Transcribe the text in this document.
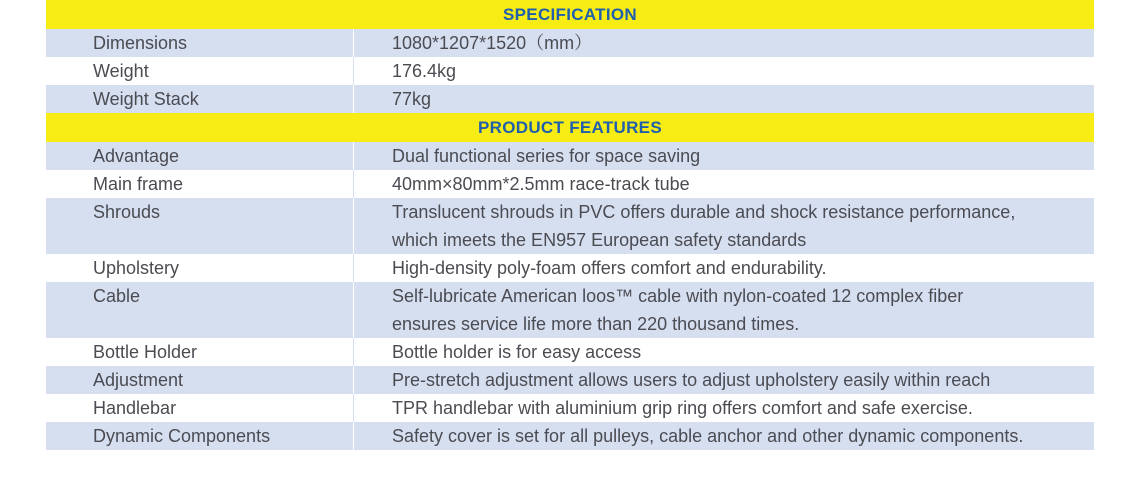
SPECIFICATION
Dimensions	1080*1207*1520（mm）
Weight	176.4kg
Weight Stack	77kg
PRODUCT FEATURES
Advantage	Dual functional series for space saving
Main frame	40mm×80mm*2.5mm race-track tube
Shrouds	Translucent shrouds in PVC offers durable and shock resistance performance,
which imeets the EN957 European safety standards
Upholstery	High-density poly-foam offers comfort and endurability.
Cable	Self-lubricate American loos™ cable with nylon-coated 12 complex fiber
ensures service life more than 220 thousand times.
Bottle Holder	Bottle holder is for easy access
Adjustment	Pre-stretch adjustment allows users to adjust upholstery easily within reach
Handlebar	TPR handlebar with aluminium grip ring offers comfort and safe exercise.
Dynamic Components	Safety cover is set for all pulleys, cable anchor and other dynamic components.
